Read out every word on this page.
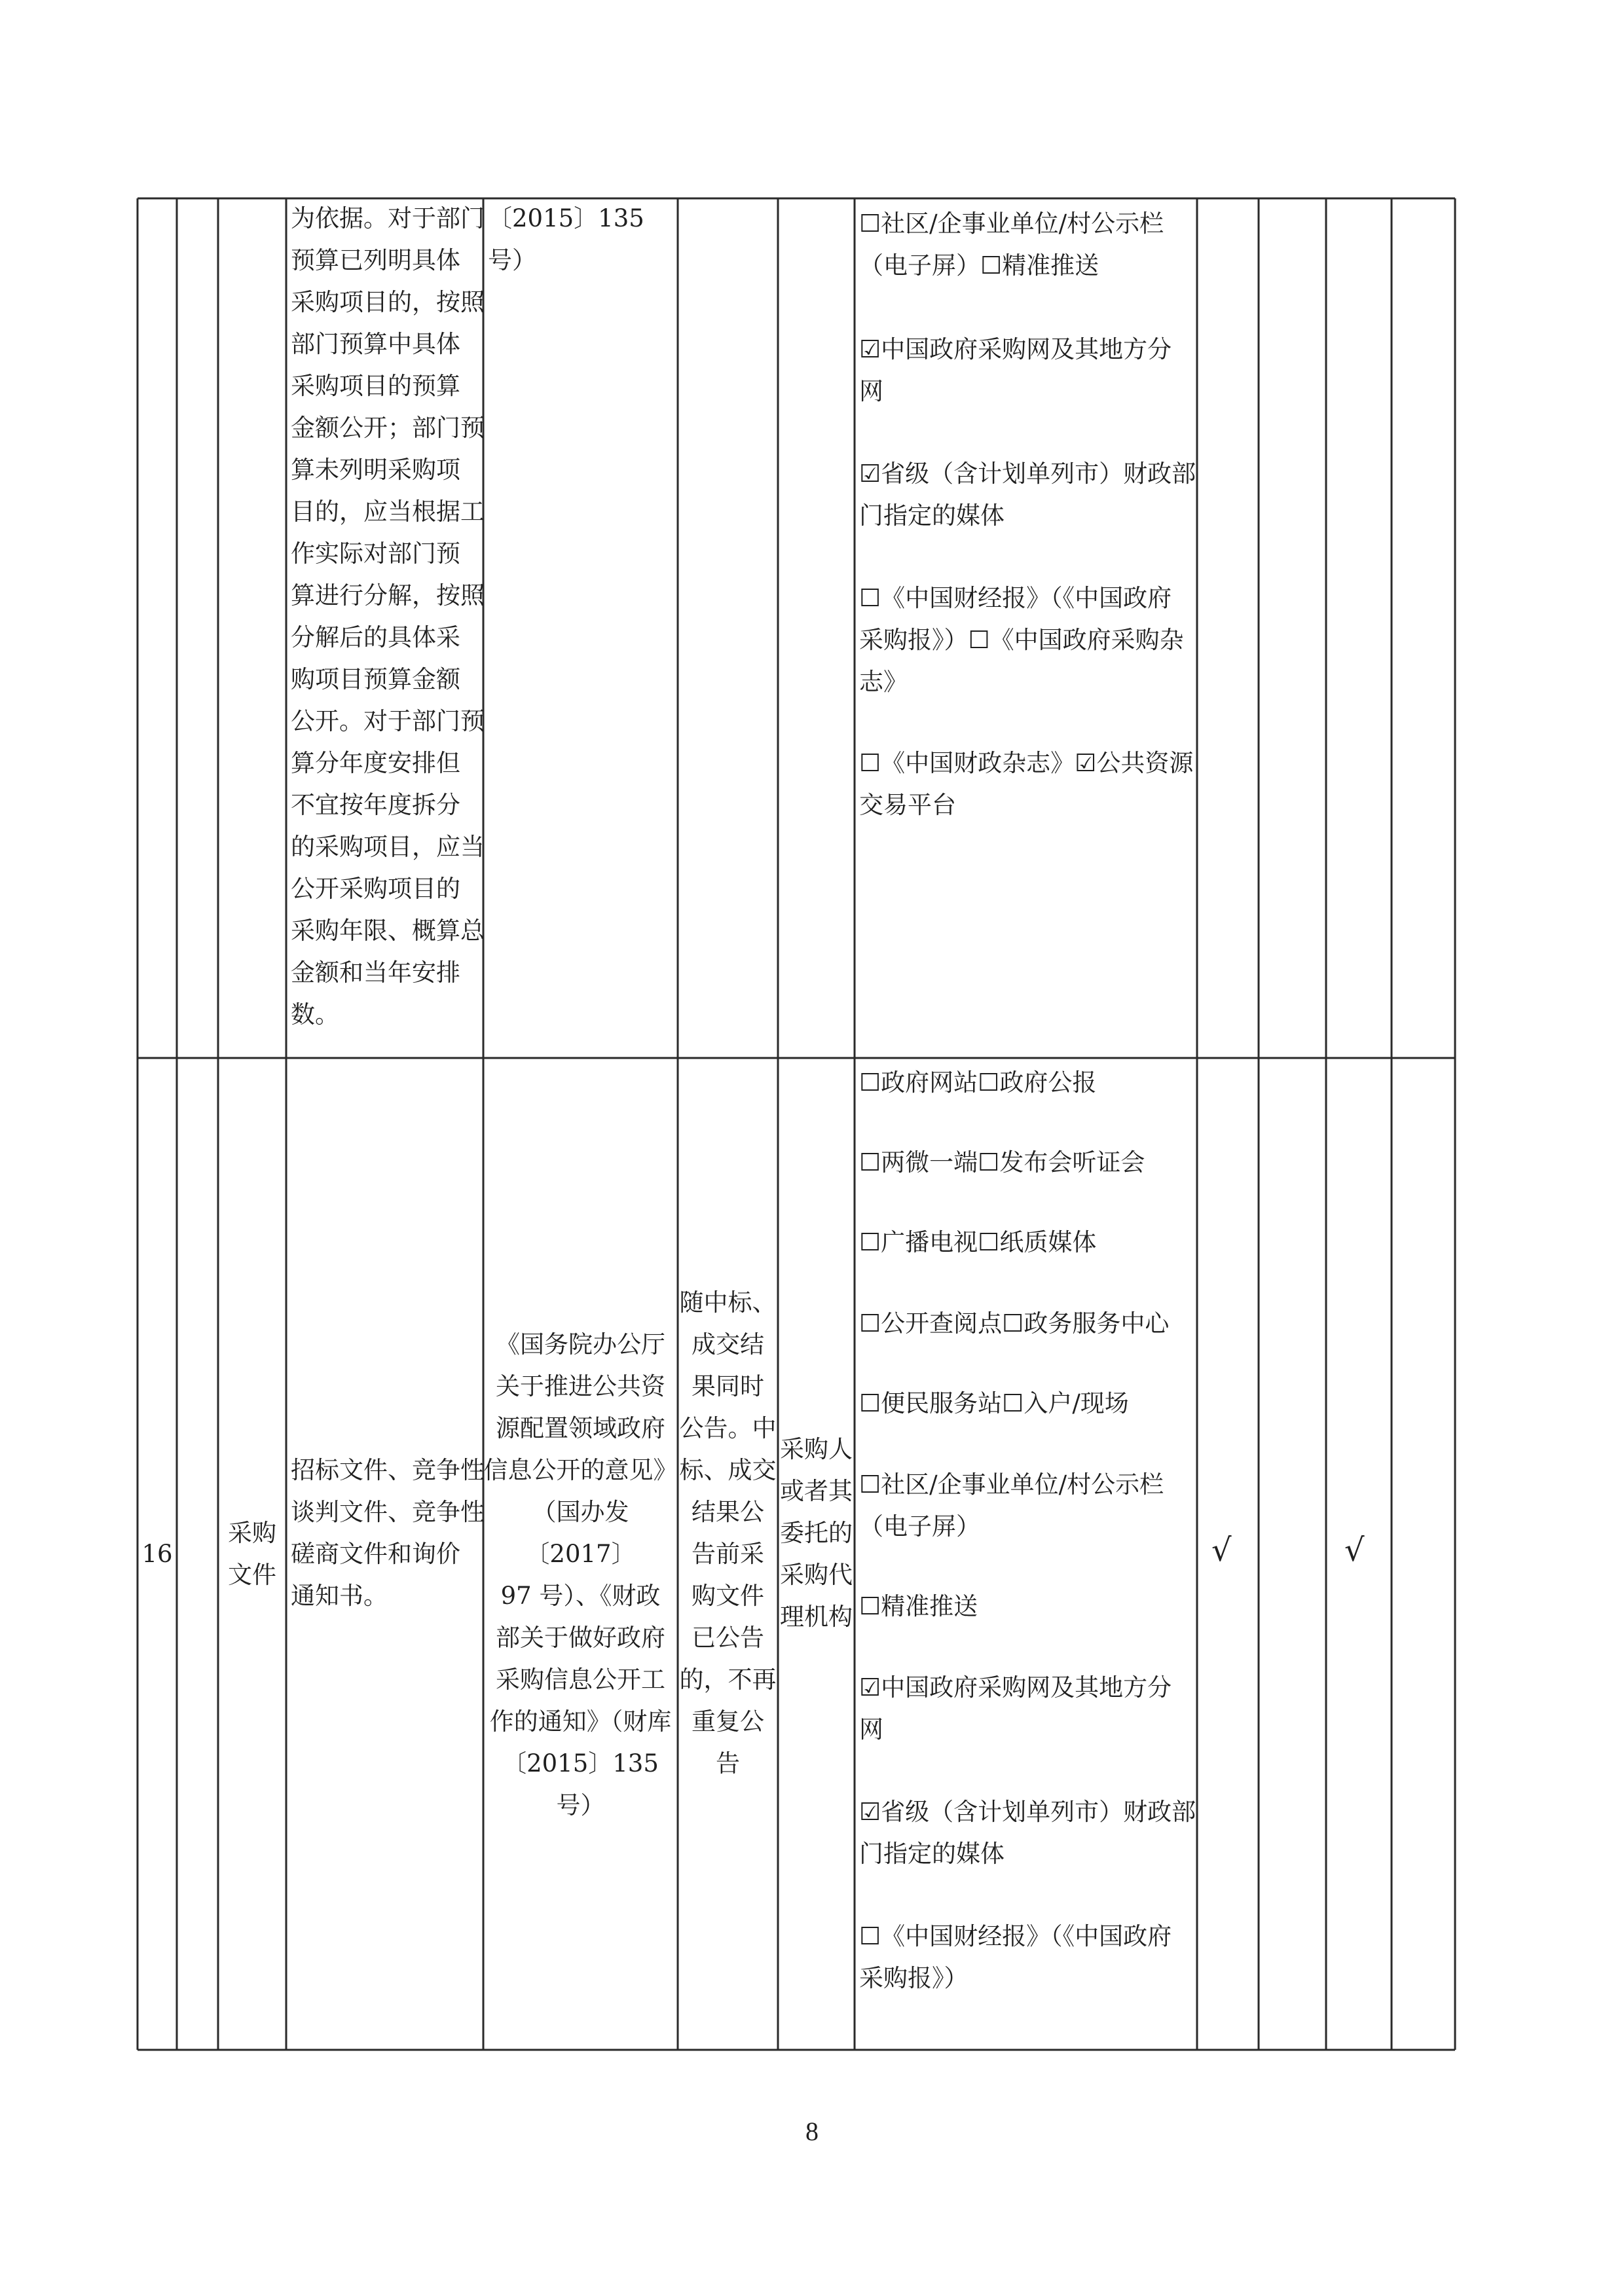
为依据。对于部门
预算已列明具体
采购项目的，按照
部门预算中具体
采购项目的预算
金额公开；部门预
算未列明采购项
目的，应当根据工
作实际对部门预
算进行分解，按照
分解后的具体采
购项目预算金额
公开。对于部门预
算分年度安排但
不宜按年度拆分
的采购项目，应当
公开采购项目的
采购年限、概算总
金额和当年安排
数。
〔2015〕135 号）
☐社区/企事业单位/村公示栏
（电子屏）☐精准推送
☑中国政府采购网及其地方分
网
☑省级（含计划单列市）财政部
门指定的媒体
☐《中国财经报》（《中国政府
采购报》）☐《中国政府采购杂
志》
☐《中国财政杂志》☑公共资源
交易平台
16
采购
文件
招标文件、竞争性
谈判文件、竞争性
磋商文件和询价
通知书。
《国务院办公厅
关于推进公共资
源配置领域政府
信息公开的意见》
（国办发〔2017〕
97 号）、《财政
部关于做好政府
采购信息公开工
作的通知》（财库
〔2015〕135 号）
随中标、
成交结
果同时
公告。中
标、成交
结果公
告前采
购文件
已公告
的，不再
重复公
告
采购人
或者其
委托的
采购代
理机构
☐政府网站☐政府公报
☐两微一端☐发布会听证会
☐广播电视☐纸质媒体
☐公开查阅点☐政务服务中心
☐便民服务站☐入户/现场
☐社区/企事业单位/村公示栏
（电子屏）
☐精准推送
☑中国政府采购网及其地方分
网
☑省级（含计划单列市）财政部
门指定的媒体
☐《中国财经报》（《中国政府
采购报》）
√	√
8
